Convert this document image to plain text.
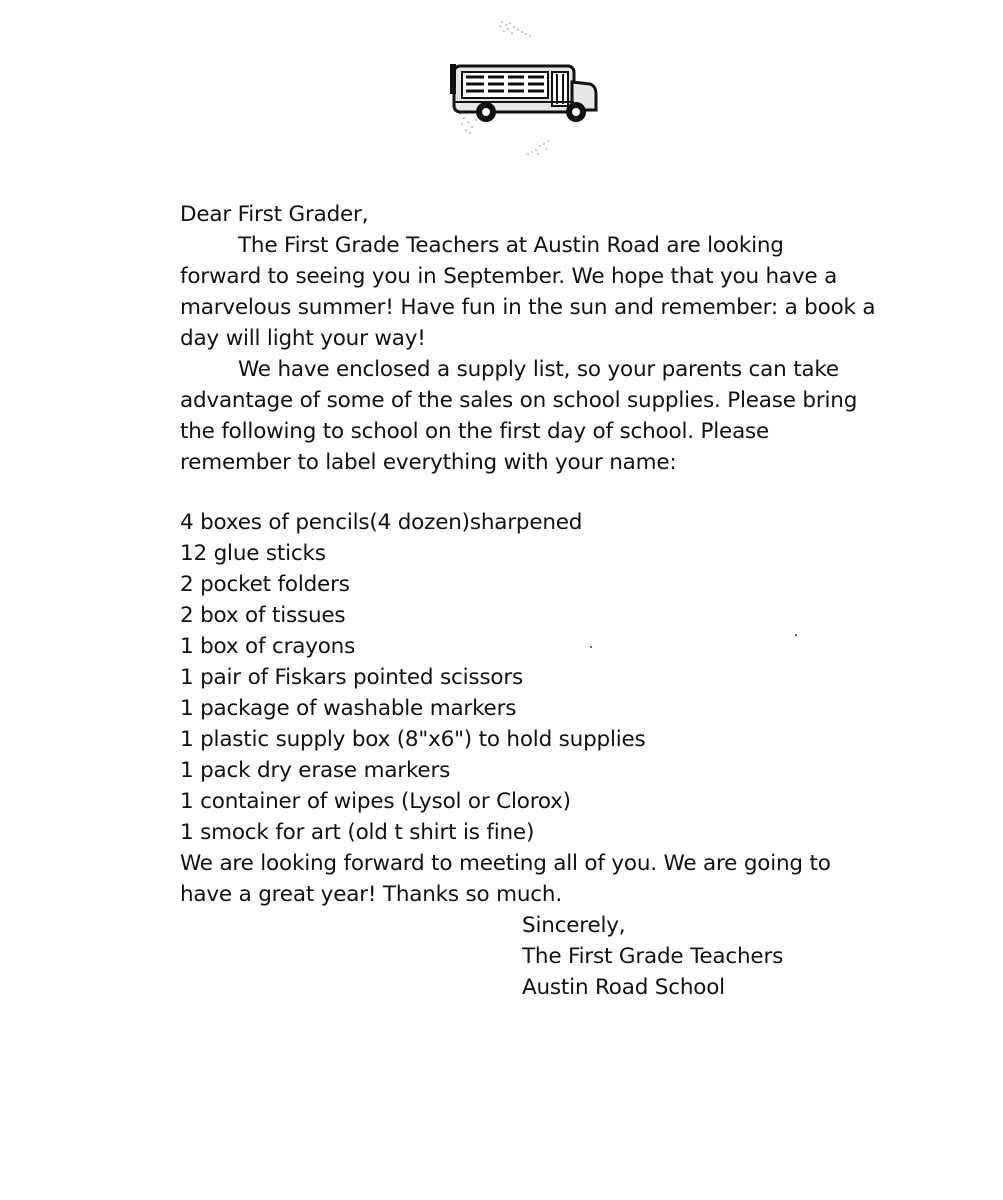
Dear First Grader,
The First Grade Teachers at Austin Road are looking
forward to seeing you in September. We hope that you have a
marvelous summer! Have fun in the sun and remember: a book a
day will light your way!
We have enclosed a supply list, so your parents can take
advantage of some of the sales on school supplies. Please bring
the following to school on the first day of school. Please
remember to label everything with your name:
4 boxes of pencils(4 dozen)sharpened
12 glue sticks
2 pocket folders
2 box of tissues
1 box of crayons
1 pair of Fiskars pointed scissors
1 package of washable markers
1 plastic supply box (8"x6") to hold supplies
1 pack dry erase markers
1 container of wipes (Lysol or Clorox)
1 smock for art (old t shirt is fine)
We are looking forward to meeting all of you. We are going to
have a great year! Thanks so much.
Sincerely,
The First Grade Teachers
Austin Road School
